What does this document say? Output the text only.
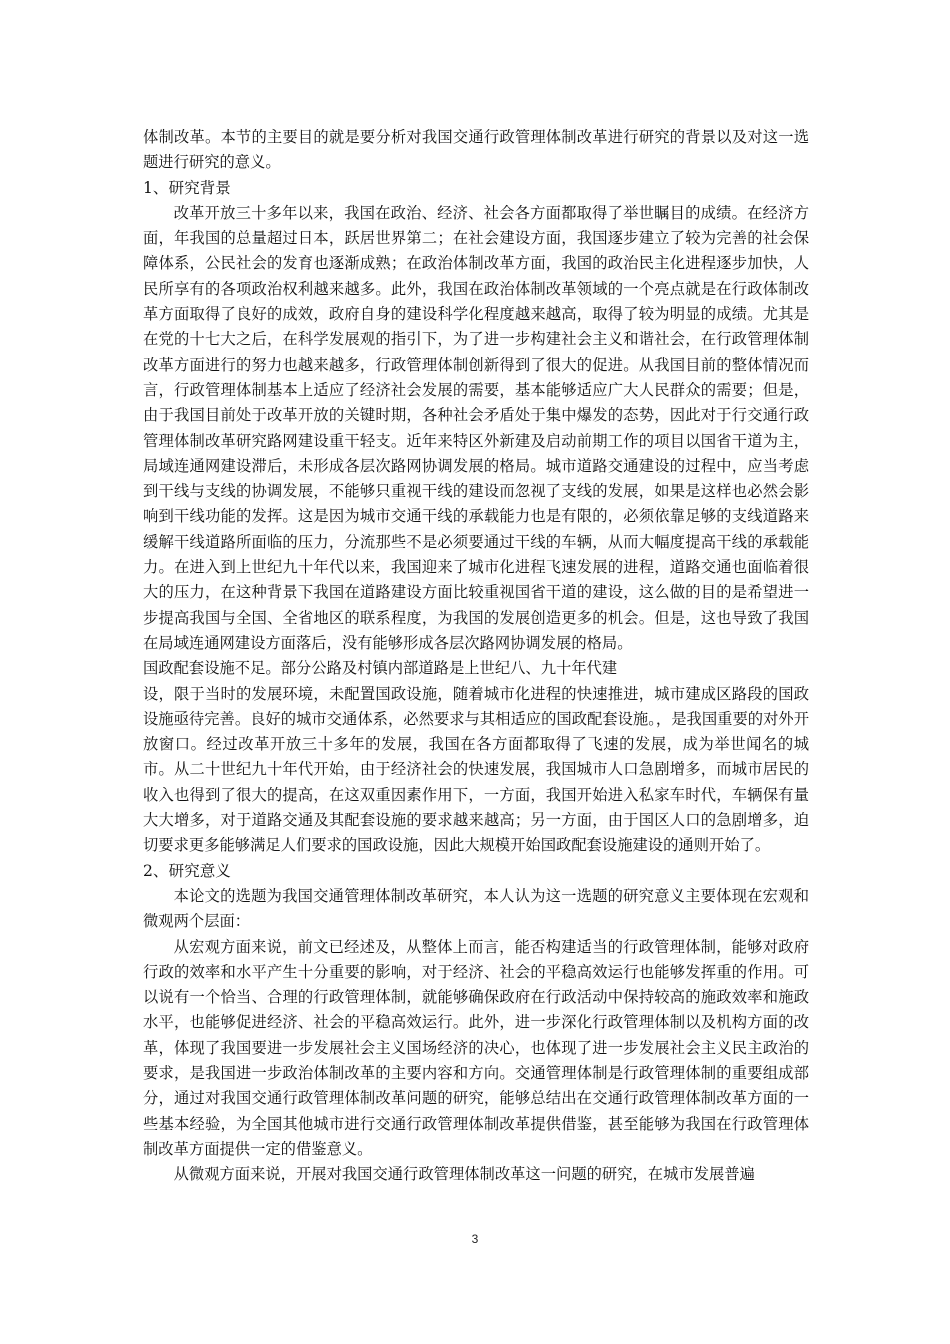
体制改革。本节的主要目的就是要分析对我国交通行政管理体制改革进行研究的背景以及对这一选题进行研究的意义。

1、研究背景

改革开放三十多年以来，我国在政治、经济、社会各方面都取得了举世瞩目的成绩。在经济方面，年我国的总量超过日本，跃居世界第二；在社会建设方面，我国逐步建立了较为完善的社会保障体系，公民社会的发育也逐渐成熟；在政治体制改革方面，我国的政治民主化进程逐步加快，人民所享有的各项政治权利越来越多。此外，我国在政治体制改革领域的一个亮点就是在行政体制改革方面取得了良好的成效，政府自身的建设科学化程度越来越高，取得了较为明显的成绩。尤其是在党的十七大之后，在科学发展观的指引下，为了进一步构建社会主义和谐社会，在行政管理体制改革方面进行的努力也越来越多，行政管理体制创新得到了很大的促进。从我国目前的整体情况而言，行政管理体制基本上适应了经济社会发展的需要，基本能够适应广大人民群众的需要；但是，由于我国目前处于改革开放的关键时期，各种社会矛盾处于集中爆发的态势，因此对于行交通行政管理体制改革研究路网建设重干轻支。近年来特区外新建及启动前期工作的项目以国省干道为主，局域连通网建设滞后，未形成各层次路网协调发展的格局。城市道路交通建设的过程中，应当考虑到干线与支线的协调发展，不能够只重视干线的建设而忽视了支线的发展，如果是这样也必然会影响到干线功能的发挥。这是因为城市交通干线的承载能力也是有限的，必须依靠足够的支线道路来缓解干线道路所面临的压力，分流那些不是必须要通过干线的车辆，从而大幅度提高干线的承载能力。在进入到上世纪九十年代以来，我国迎来了城市化进程飞速发展的进程，道路交通也面临着很大的压力，在这种背景下我国在道路建设方面比较重视国省干道的建设，这么做的目的是希望进一步提高我国与全国、全省地区的联系程度，为我国的发展创造更多的机会。但是，这也导致了我国在局域连通网建设方面落后，没有能够形成各层次路网协调发展的格局。

国政配套设施不足。部分公路及村镇内部道路是上世纪八、九十年代建

设，限于当时的发展环境，未配置国政设施，随着城市化进程的快速推进，城市建成区路段的国政设施亟待完善。良好的城市交通体系，必然要求与其相适应的国政配套设施。，是我国重要的对外开放窗口。经过改革开放三十多年的发展，我国在各方面都取得了飞速的发展，成为举世闻名的城市。从二十世纪九十年代开始，由于经济社会的快速发展，我国城市人口急剧增多，而城市居民的收入也得到了很大的提高，在这双重因素作用下，一方面，我国开始进入私家车时代，车辆保有量大大增多，对于道路交通及其配套设施的要求越来越高；另一方面，由于国区人口的急剧增多，迫切要求更多能够满足人们要求的国政设施，因此大规模开始国政配套设施建设的通则开始了。

2、研究意义

本论文的选题为我国交通管理体制改革研究，本人认为这一选题的研究意义主要体现在宏观和微观两个层面：

从宏观方面来说，前文已经述及，从整体上而言，能否构建适当的行政管理体制，能够对政府行政的效率和水平产生十分重要的影响，对于经济、社会的平稳高效运行也能够发挥重的作用。可以说有一个恰当、合理的行政管理体制，就能够确保政府在行政活动中保持较高的施政效率和施政水平，也能够促进经济、社会的平稳高效运行。此外，进一步深化行政管理体制以及机构方面的改革，体现了我国要进一步发展社会主义国场经济的决心，也体现了进一步发展社会主义民主政治的要求，是我国进一步政治体制改革的主要内容和方向。交通管理体制是行政管理体制的重要组成部分，通过对我国交通行政管理体制改革问题的研究，能够总结出在交通行政管理体制改革方面的一些基本经验，为全国其他城市进行交通行政管理体制改革提供借鉴，甚至能够为我国在行政管理体制改革方面提供一定的借鉴意义。

从微观方面来说，开展对我国交通行政管理体制改革这一问题的研究，在城市发展普遍

3
